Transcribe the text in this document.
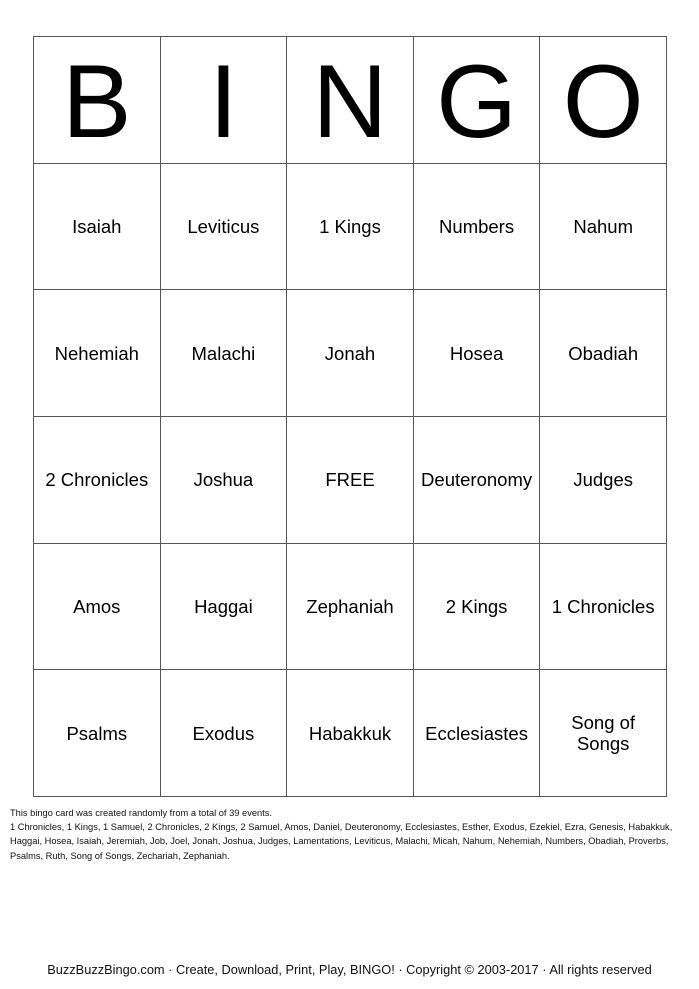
B	I	N	G	O
Isaiah	Leviticus	1 Kings	Numbers	Nahum
Nehemiah	Malachi	Jonah	Hosea	Obadiah
2 Chronicles	Joshua	FREE	Deuteronomy	Judges
Amos	Haggai	Zephaniah	2 Kings	1 Chronicles
Psalms	Exodus	Habakkuk	Ecclesiastes	Song of Songs
This bingo card was created randomly from a total of 39 events.
1 Chronicles, 1 Kings, 1 Samuel, 2 Chronicles, 2 Kings, 2 Samuel, Amos, Daniel, Deuteronomy, Ecclesiastes, Esther, Exodus, Ezekiel, Ezra, Genesis, Habakkuk, Haggai, Hosea, Isaiah, Jeremiah, Job, Joel, Jonah, Joshua, Judges, Lamentations, Leviticus, Malachi, Micah, Nahum, Nehemiah, Numbers, Obadiah, Proverbs, Psalms, Ruth, Song of Songs, Zechariah, Zephaniah.
BuzzBuzzBingo.com · Create, Download, Print, Play, BINGO! · Copyright © 2003-2017 · All rights reserved
